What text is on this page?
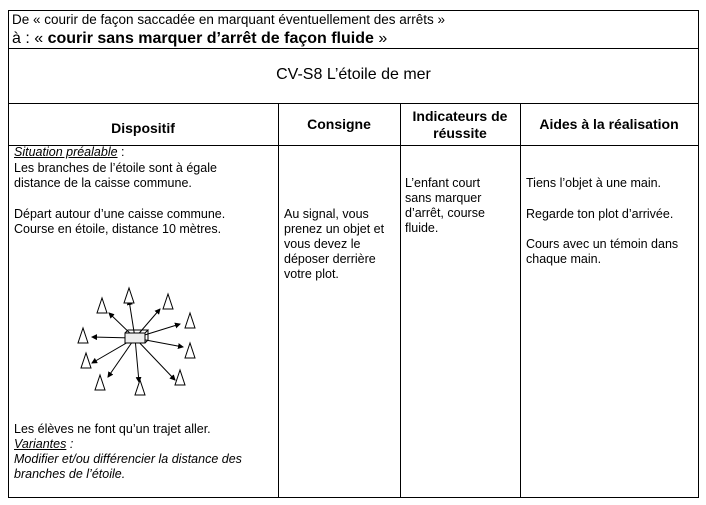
De « courir de façon saccadée en marquant éventuellement des arrêts »
à : « courir sans marquer d’arrêt de façon fluide »
CV-S8 L’étoile de mer
Dispositif	Consigne	Indicateurs de réussite
Aides à la réalisation
Situation préalable :
Les branches de l’étoile sont à égale
distance de la caisse commune.
Départ autour d’une caisse commune.
Course en étoile, distance 10 mètres.
Les élèves ne font qu’un trajet aller.
Variantes :
Modifier et/ou différencier la distance des
branches de l’étoile.
Au signal, vous
prenez un objet et
vous devez le
déposer derrière
votre plot.
L’enfant court
sans marquer
d’arrêt, course
fluide.
Tiens l’objet à une main.
Regarde ton plot d’arrivée.
Cours avec un témoin dans
chaque main.
